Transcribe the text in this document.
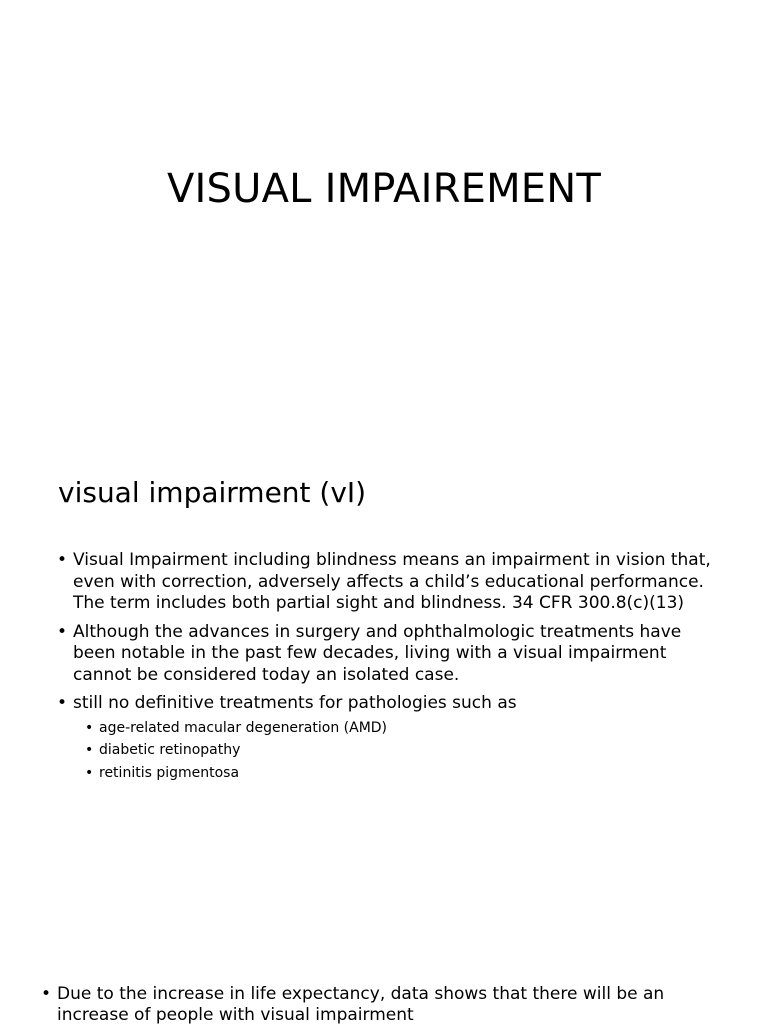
VISUAL IMPAIREMENT
visual impairment (vI)
• Visual Impairment including blindness means an impairment in vision that, even with correction, adversely affects a child’s educational performance. The term includes both partial sight and blindness. 34 CFR 300.8(c)(13)
• Although the advances in surgery and ophthalmologic treatments have been notable in the past few decades, living with a visual impairment cannot be considered today an isolated case.
• still no definitive treatments for pathologies such as
• age-related macular degeneration (AMD)
• diabetic retinopathy
• retinitis pigmentosa
• Due to the increase in life expectancy, data shows that there will be an increase of people with visual impairment
